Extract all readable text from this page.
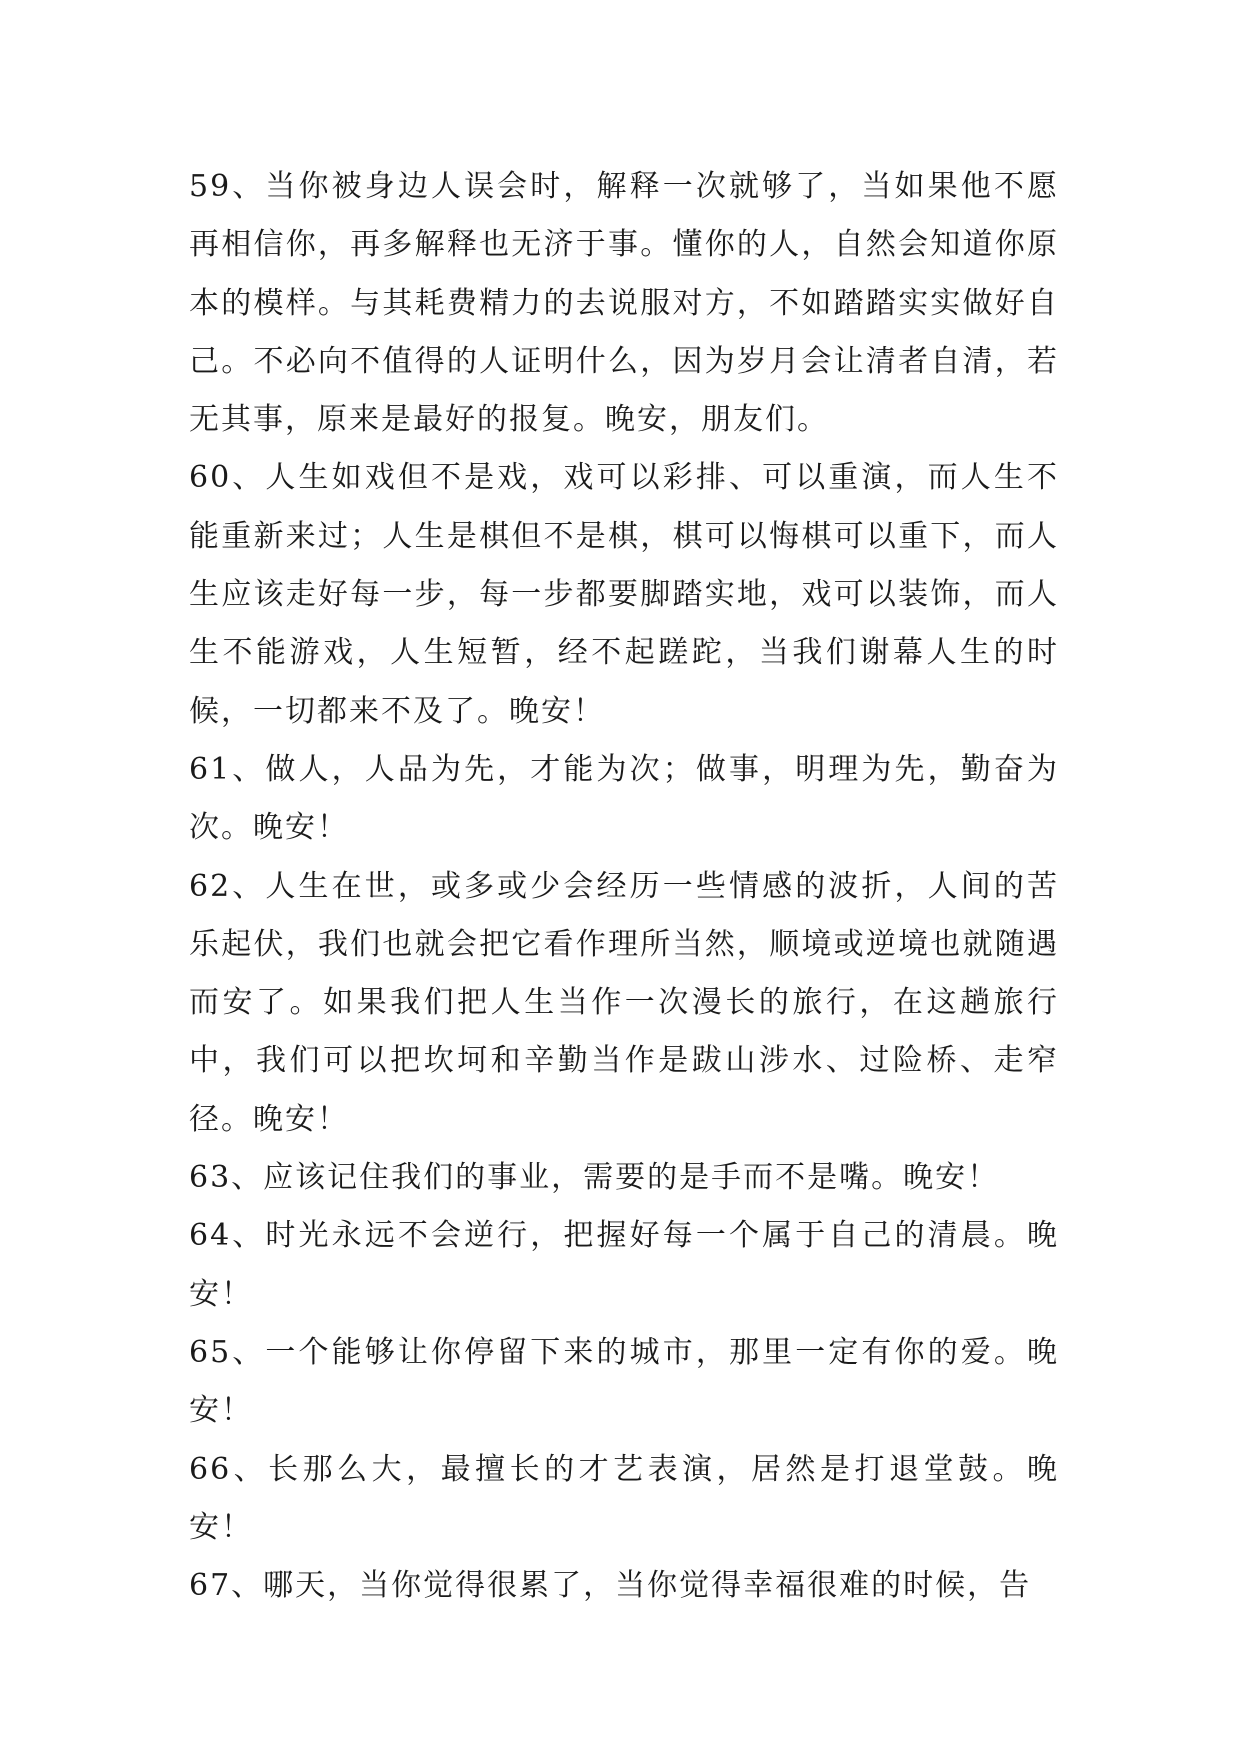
59、当你被身边人误会时，解释一次就够了，当如果他不愿再相信你，再多解释也无济于事。懂你的人，自然会知道你原本的模样。与其耗费精力的去说服对方，不如踏踏实实做好自己。不必向不值得的人证明什么，因为岁月会让清者自清，若无其事，原来是最好的报复。晚安，朋友们。

60、人生如戏但不是戏，戏可以彩排、可以重演，而人生不能重新来过；人生是棋但不是棋，棋可以悔棋可以重下，而人生应该走好每一步，每一步都要脚踏实地，戏可以装饰，而人生不能游戏，人生短暂，经不起蹉跎，当我们谢幕人生的时候，一切都来不及了。晚安！

61、做人，人品为先，才能为次；做事，明理为先，勤奋为次。晚安！

62、人生在世，或多或少会经历一些情感的波折，人间的苦乐起伏，我们也就会把它看作理所当然，顺境或逆境也就随遇而安了。如果我们把人生当作一次漫长的旅行，在这趟旅行中，我们可以把坎坷和辛勤当作是跋山涉水、过险桥、走窄径。晚安！

63、应该记住我们的事业，需要的是手而不是嘴。晚安！

64、时光永远不会逆行，把握好每一个属于自己的清晨。晚安！

65、一个能够让你停留下来的城市，那里一定有你的爱。晚安！

66、长那么大，最擅长的才艺表演，居然是打退堂鼓。晚安！

67、哪天，当你觉得很累了，当你觉得幸福很难的时候，告
